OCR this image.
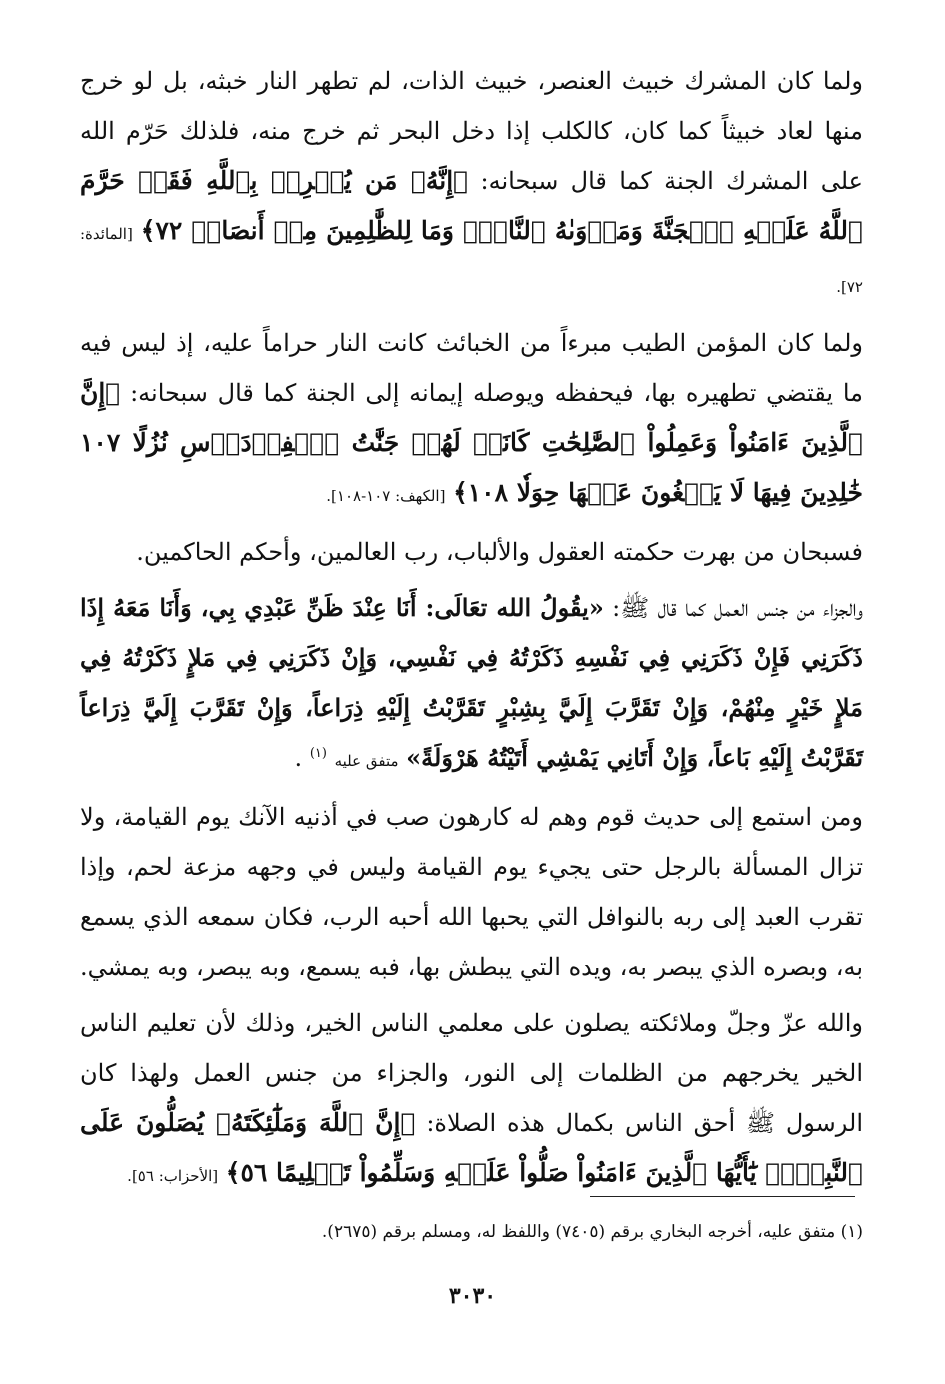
ولما كان المشرك خبيث العنصر، خبيث الذات، لم تطهر النار خبثه، بل لو خرج منها لعاد خبيثاً كما كان، كالكلب إذا دخل البحر ثم خرج منه، فلذلك حَرّم الله على المشرك الجنة كما قال سبحانه: ﴿إِنَّهُۥ مَن يُشۡرِكۡ بِٱللَّهِ فَقَدۡ حَرَّمَ ٱللَّهُ عَلَيۡهِ ٱلۡجَنَّةَ وَمَأۡوَىٰهُ ٱلنَّارُۖ وَمَا لِلظَّٰلِمِينَ مِنۡ أَنصَارٖ ٧٢﴾ [المائدة: ٧٢].

ولما كان المؤمن الطيب مبرءاً من الخبائث كانت النار حراماً عليه، إذ ليس فيه ما يقتضي تطهيره بها، فيحفظه ويوصله إيمانه إلى الجنة كما قال سبحانه: ﴿إِنَّ ٱلَّذِينَ ءَامَنُواْ وَعَمِلُواْ ٱلصَّٰلِحَٰتِ كَانَتۡ لَهُمۡ جَنَّٰتُ ٱلۡفِرۡدَوۡسِ نُزُلًا ١٠٧ خَٰلِدِينَ فِيهَا لَا يَبۡغُونَ عَنۡهَا حِوَلٗا ١٠٨﴾ [الكهف: ١٠٧-١٠٨].

فسبحان من بهرت حكمته العقول والألباب، رب العالمين، وأحكم الحاكمين.

والجزاء من جنس العمل كما قال ﷺ: «يقُولُ الله تعَالَى: أَنَا عِنْدَ ظَنِّ عَبْدِي بِي، وَأَنَا مَعَهُ إِذَا ذَكَرَنِي فَإِنْ ذَكَرَنِي فِي نَفْسِهِ ذَكَرْتُهُ فِي نَفْسِي، وَإِنْ ذَكَرَنِي فِي مَلإٍ ذَكَرْتُهُ فِي مَلإٍ خَيْرٍ مِنْهُمْ، وَإِنْ تَقَرَّبَ إِلَيَّ بِشِبْرٍ تَقَرَّبْتُ إِلَيْهِ ذِرَاعاً، وَإِنْ تَقَرَّبَ إِلَيَّ ذِرَاعاً تَقَرَّبْتُ إِلَيْهِ بَاعاً، وَإِنْ أَتَانِي يَمْشِي أَتَيْتُهُ هَرْوَلَةً» متفق عليه $^{(١)}$ .

ومن استمع إلى حديث قوم وهم له كارهون صب في أذنيه الآنك يوم القيامة، ولا تزال المسألة بالرجل حتى يجيء يوم القيامة وليس في وجهه مزعة لحم، وإذا تقرب العبد إلى ربه بالنوافل التي يحبها الله أحبه الرب، فكان سمعه الذي يسمع به، وبصره الذي يبصر به، ويده التي يبطش بها، فبه يسمع، وبه يبصر، وبه يمشي.

والله عزّ وجلّ وملائكته يصلون على معلمي الناس الخير، وذلك لأن تعليم الناس الخير يخرجهم من الظلمات إلى النور، والجزاء من جنس العمل ولهذا كان الرسول ﷺ أحق الناس بكمال هذه الصلاة: ﴿إِنَّ ٱللَّهَ وَمَلَٰٓئِكَتَهُۥ يُصَلُّونَ عَلَى ٱلنَّبِيِّۚ يَٰٓأَيُّهَا ٱلَّذِينَ ءَامَنُواْ صَلُّواْ عَلَيۡهِ وَسَلِّمُواْ تَسۡلِيمًا ٥٦﴾ [الأحزاب: ٥٦].

(١) متفق عليه، أخرجه البخاري برقم (٧٤٠٥) واللفظ له، ومسلم برقم (٢٦٧٥).
٣٠٣٠
